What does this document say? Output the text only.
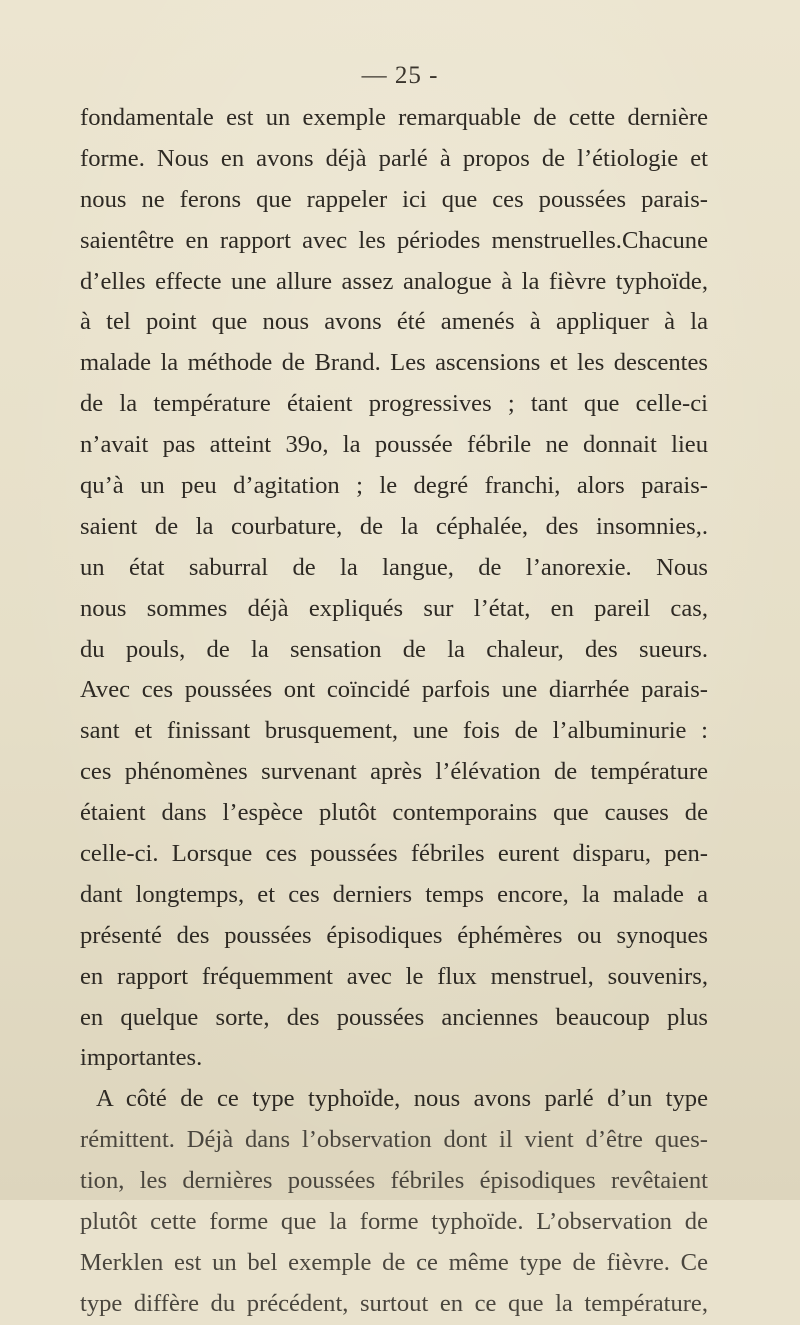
— 25 -
fondamentale est un exemple remarquable de cette dernière
forme. Nous en avons déjà parlé à propos de l’étiologie et
nous ne ferons que rappeler ici que ces poussées parais-
saientêtre en rapport avec les périodes menstruelles.Chacune
d’elles effecte une allure assez analogue à la fièvre typhoïde,
à tel point que nous avons été amenés à appliquer à la
malade la méthode de Brand. Les ascensions et les descentes
de la température étaient progressives ; tant que celle-ci
n’avait pas atteint 39o, la poussée fébrile ne donnait lieu
qu’à un peu d’agitation ; le degré franchi, alors parais-
saient de la courbature, de la céphalée, des insomnies,.
un état saburral de la langue, de l’anorexie. Nous
nous sommes déjà expliqués sur l’état, en pareil cas,
du pouls, de la sensation de la chaleur, des sueurs.
Avec ces poussées ont coïncidé parfois une diarrhée parais-
sant et finissant brusquement, une fois de l’albuminurie :
ces phénomènes survenant après l’élévation de température
étaient dans l’espèce plutôt contemporains que causes de
celle-ci. Lorsque ces poussées fébriles eurent disparu, pen-
dant longtemps, et ces derniers temps encore, la malade a
présenté des poussées épisodiques éphémères ou synoques
en rapport fréquemment avec le flux menstruel, souvenirs,
en quelque sorte, des poussées anciennes beaucoup plus
importantes.
A côté de ce type typhoïde, nous avons parlé d’un type
rémittent. Déjà dans l’observation dont il vient d’être ques-
tion, les dernières poussées fébriles épisodiques revêtaient
plutôt cette forme que la forme typhoïde. L’observation de
Merklen est un bel exemple de ce même type de fièvre. Ce
type diffère du précédent, surtout en ce que la température,
